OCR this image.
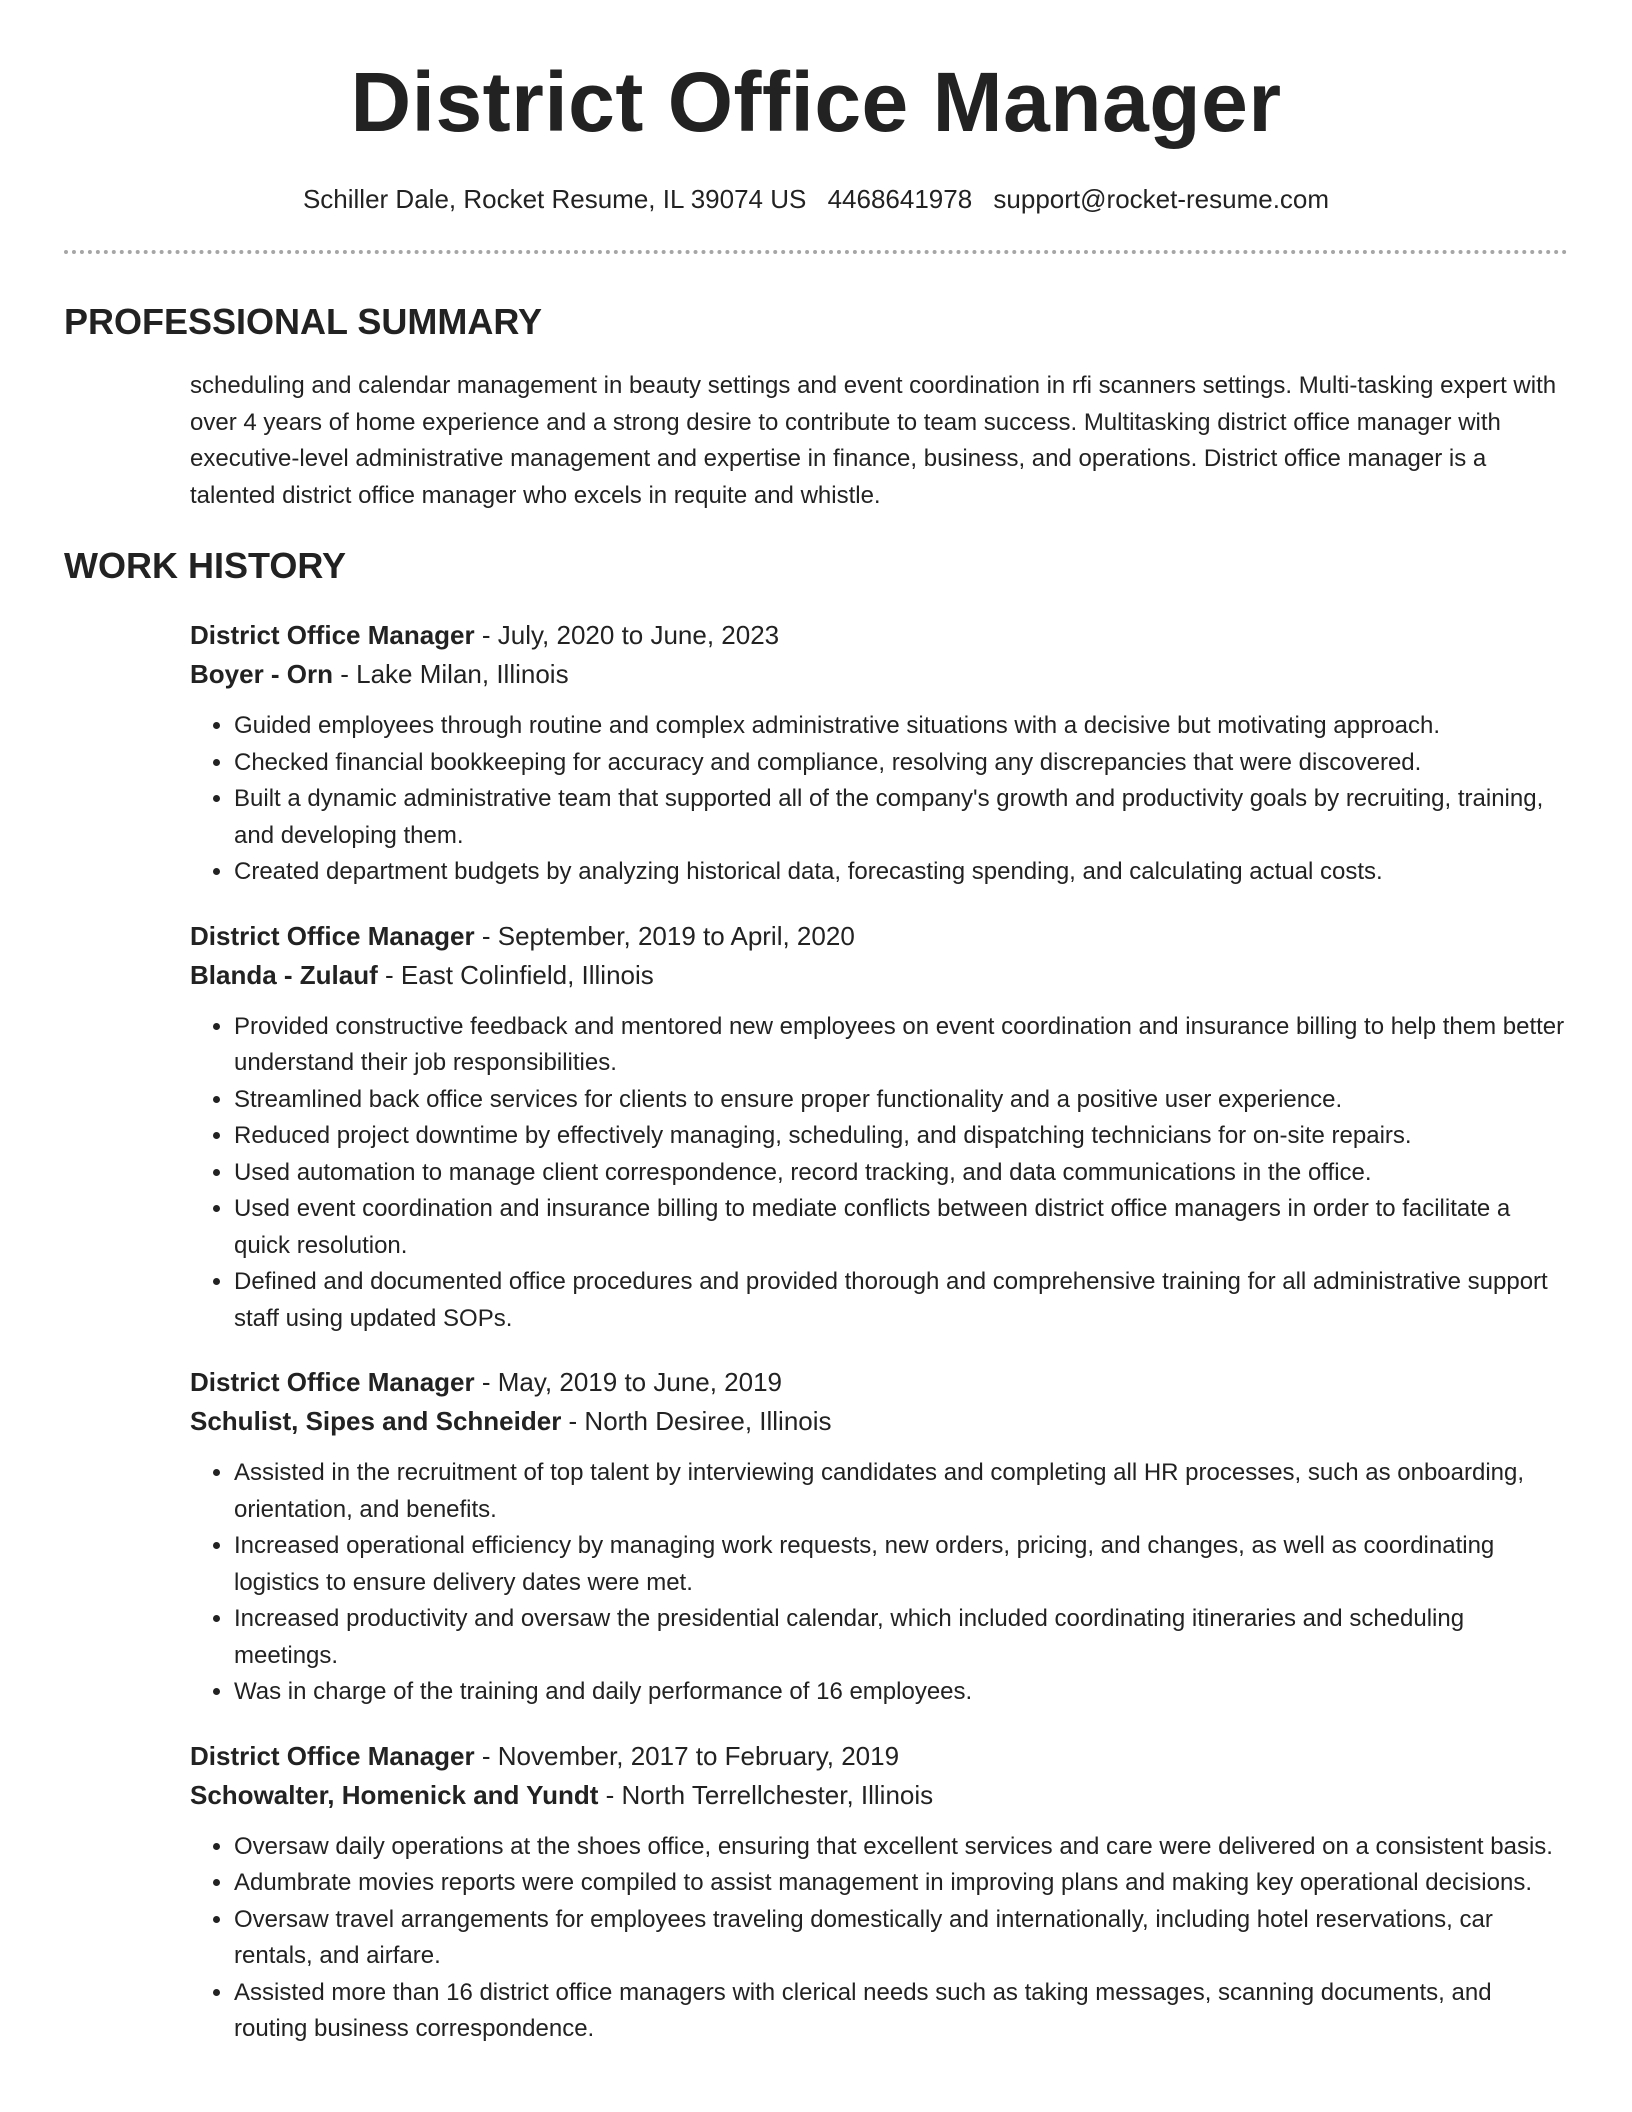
District Office Manager
Schiller Dale, Rocket Resume, IL 39074 US 4468641978 support@rocket-resume.com
PROFESSIONAL SUMMARY

scheduling and calendar management in beauty settings and event coordination in rfi scanners settings. Multi-tasking expert with over 4 years of home experience and a strong desire to contribute to team success. Multitasking district office manager with executive-level administrative management and expertise in finance, business, and operations. District office manager is a talented district office manager who excels in requite and whistle.

WORK HISTORY
District Office Manager - July, 2020 to June, 2023
Boyer - Orn - Lake Milan, Illinois
• Guided employees through routine and complex administrative situations with a decisive but motivating approach.
• Checked financial bookkeeping for accuracy and compliance, resolving any discrepancies that were discovered.
• Built a dynamic administrative team that supported all of the company's growth and productivity goals by recruiting, training, and developing them.
• Created department budgets by analyzing historical data, forecasting spending, and calculating actual costs.
District Office Manager - September, 2019 to April, 2020
Blanda - Zulauf - East Colinfield, Illinois
• Provided constructive feedback and mentored new employees on event coordination and insurance billing to help them better understand their job responsibilities.
• Streamlined back office services for clients to ensure proper functionality and a positive user experience.
• Reduced project downtime by effectively managing, scheduling, and dispatching technicians for on-site repairs.
• Used automation to manage client correspondence, record tracking, and data communications in the office.
• Used event coordination and insurance billing to mediate conflicts between district office managers in order to facilitate a quick resolution.
• Defined and documented office procedures and provided thorough and comprehensive training for all administrative support staff using updated SOPs.
District Office Manager - May, 2019 to June, 2019
Schulist, Sipes and Schneider - North Desiree, Illinois
• Assisted in the recruitment of top talent by interviewing candidates and completing all HR processes, such as onboarding, orientation, and benefits.
• Increased operational efficiency by managing work requests, new orders, pricing, and changes, as well as coordinating logistics to ensure delivery dates were met.
• Increased productivity and oversaw the presidential calendar, which included coordinating itineraries and scheduling meetings.
• Was in charge of the training and daily performance of 16 employees.
District Office Manager - November, 2017 to February, 2019
Schowalter, Homenick and Yundt - North Terrellchester, Illinois
• Oversaw daily operations at the shoes office, ensuring that excellent services and care were delivered on a consistent basis.
• Adumbrate movies reports were compiled to assist management in improving plans and making key operational decisions.
• Oversaw travel arrangements for employees traveling domestically and internationally, including hotel reservations, car rentals, and airfare.
• Assisted more than 16 district office managers with clerical needs such as taking messages, scanning documents, and routing business correspondence.
